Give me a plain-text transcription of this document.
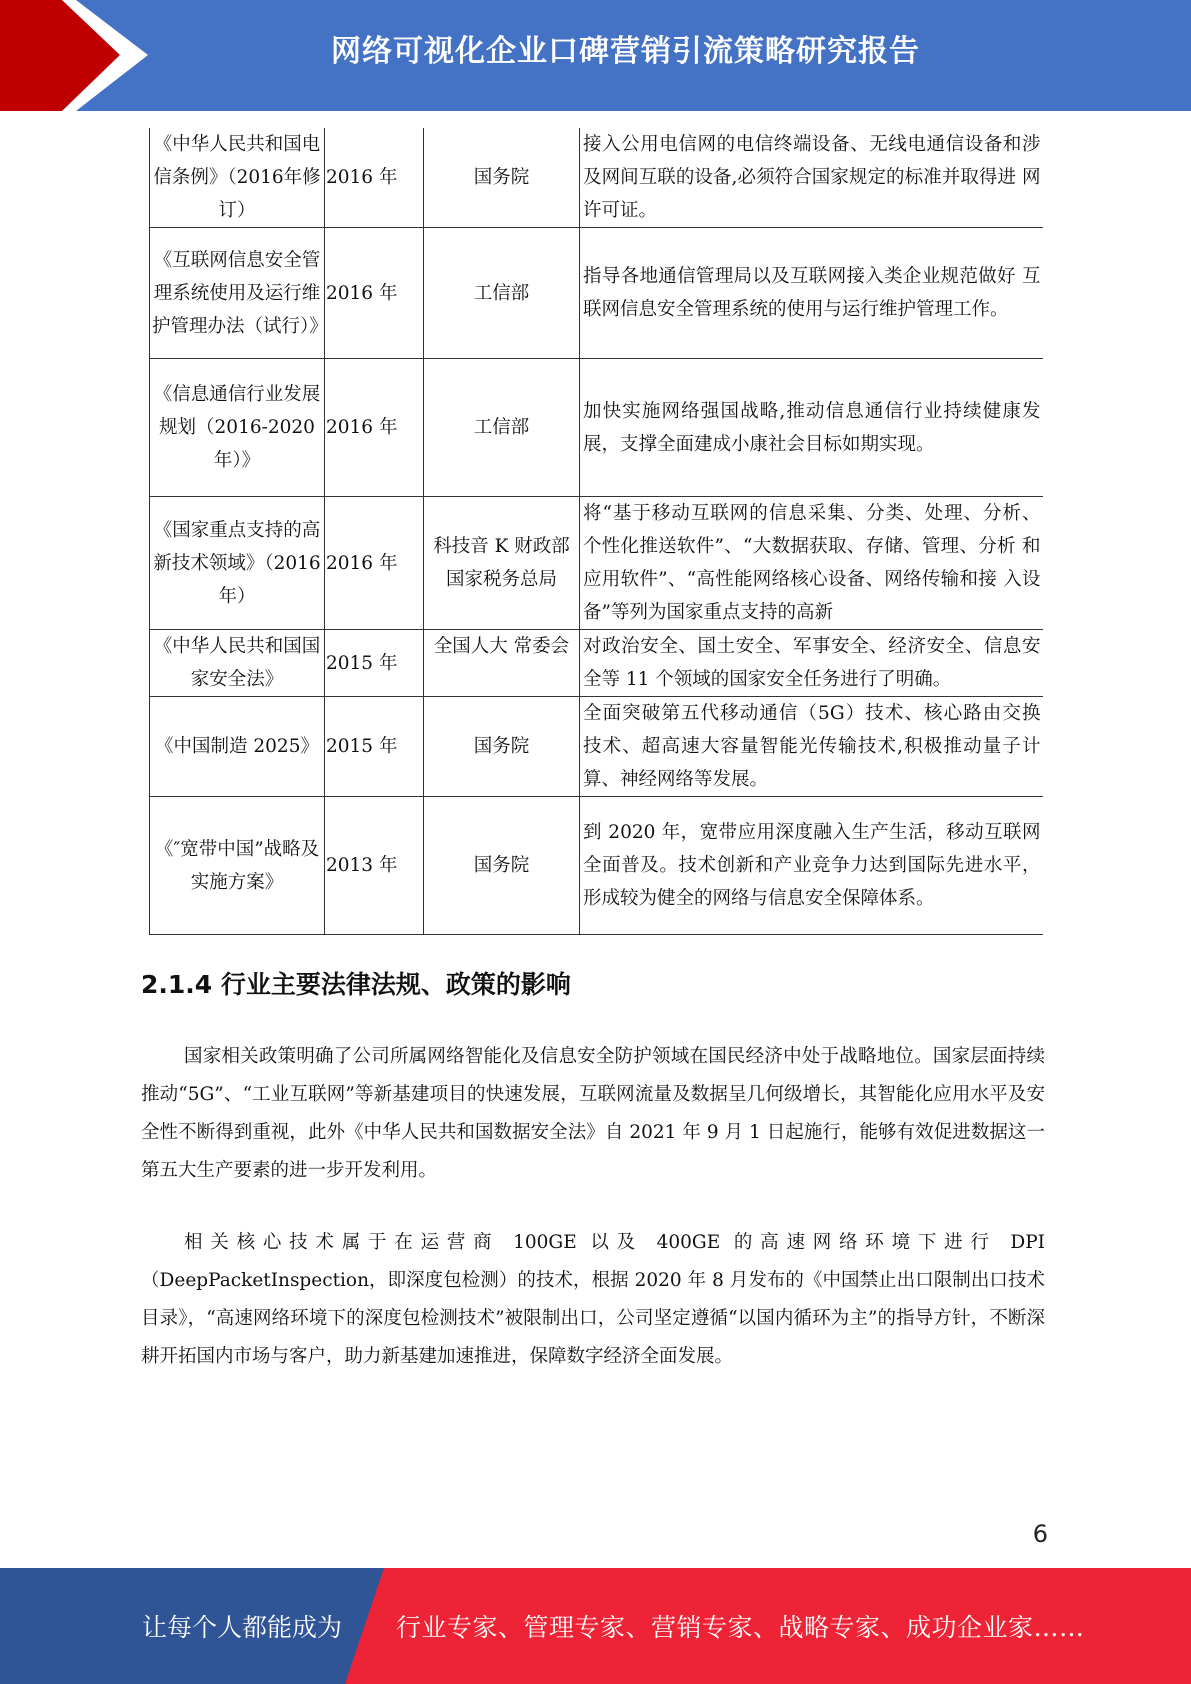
网络可视化企业口碑营销引流策略研究报告
《中华人民共和国电信条例》（2016年修订）	2016 年	国务院	接入公用电信网的电信终端设备、无线电通信设备和涉 及网间互联的设备,必须符合国家规定的标准并取得进 网许可证。
《互联网信息安全管理系统使用及运行维护管理办法（试行）》	2016 年	工信部	指导各地通信管理局以及互联网接入类企业规范做好 互联网信息安全管理系统的使用与运行维护管理工作。
《信息通信行业发展规划（2016-2020年）》	2016 年	工信部	加快实施网络强国战略,推动信息通信行业持续健康发 展，支撑全面建成小康社会目标如期实现。
《国家重点支持的高新技术领域》（2016 年）	2016 年	科技音 K 财政部国家税务总局	将“基于移动互联网的信息采集、分类、处理、分析、 个性化推送软件”、“大数据获取、存储、管理、分析 和应用软件”、“高性能网络核心设备、网络传输和接 入设备”等列为国家重点支持的高新
《中华人民共和国国家安全法》	2015 年	全国人大 常委会	对政治安全、国土安全、军事安全、经济安全、信息安 全等 11 个领域的国家安全任务进行了明确。
《中国制造 2025》	2015 年	国务院	全面突破第五代移动通信（5G）技术、核心路由交换 技术、超高速大容量智能光传输技术,积极推动量子计 算、神经网络等发展。
《″宽带中国”战略及实施方案》	2013 年	国务院	到 2020 年，宽带应用深度融入生产生活，移动互联网 全面普及。技术创新和产业竞争力达到国际先进水平， 形成较为健全的网络与信息安全保障体系。
2.1.4 行业主要法律法规、政策的影响

国家相关政策明确了公司所属网络智能化及信息安全防护领域在国民经济中处于战略地位。国家层面持续推动“5G”、“工业互联网”等新基建项目的快速发展，互联网流量及数据呈几何级增长，其智能化应用水平及安全性不断得到重视，此外《中华人民共和国数据安全法》自 2021 年 9 月 1 日起施行，能够有效促进数据这一第五大生产要素的进一步开发利用。

相关核心技术属于在运营商 100GE 以及 400GE 的高速网络环境下进行 DPI（DeepPacketInspection，即深度包检测）的技术，根据 2020 年 8 月发布的《中国禁止出口限制出口技术目录》，“高速网络环境下的深度包检测技术”被限制出口，公司坚定遵循“以国内循环为主”的指导方针，不断深耕开拓国内市场与客户，助力新基建加速推进，保障数字经济全面发展。

6
让每个人都能成为 行业专家、管理专家、营销专家、战略专家、成功企业家……
